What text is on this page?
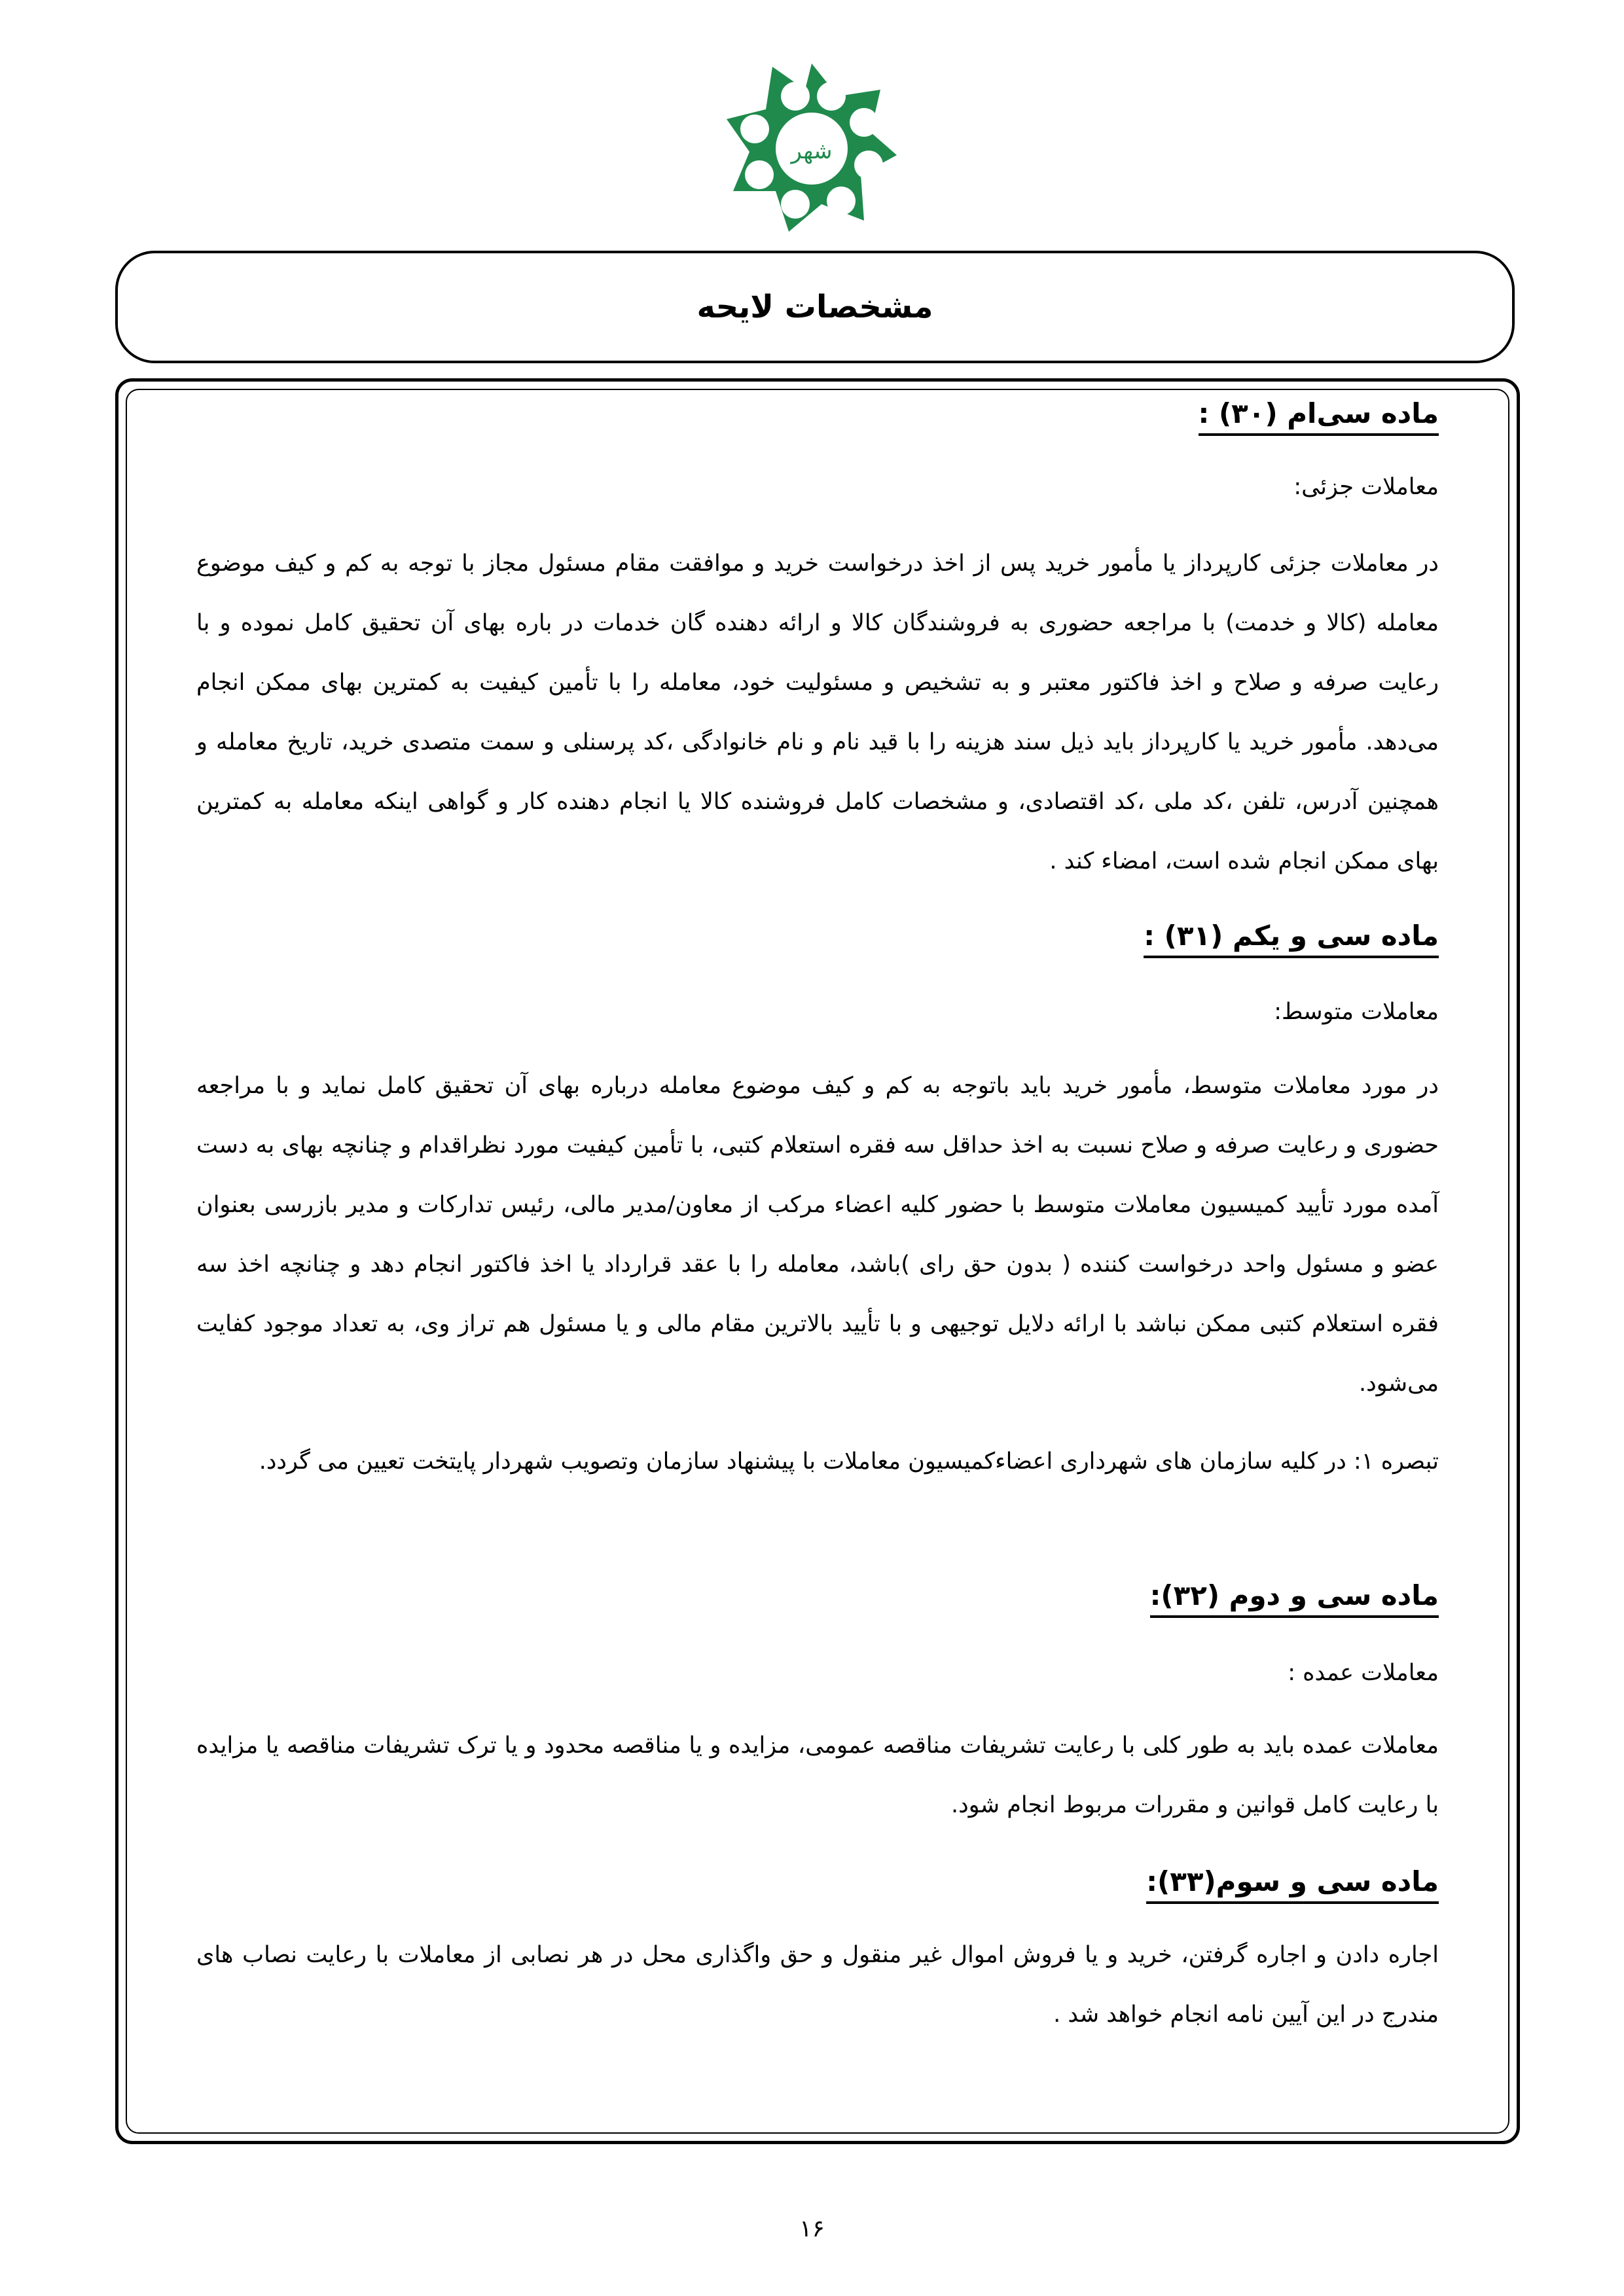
شهر
مشخصات لایحه
ماده سی‌ام (۳۰) :
معاملات جزئی:
در معاملات جزئی کارپرداز یا مأمور خرید پس از اخذ درخواست خرید و موافقت مقام مسئول مجاز با توجه به کم و کیف موضوع معامله (کالا و خدمت) با مراجعه حضوری به فروشندگان کالا و ارائه دهنده گان خدمات در باره بهای آن تحقیق کامل نموده و با رعایت صرفه و صلاح و اخذ فاکتور معتبر و به تشخیص و مسئولیت خود، معامله را با تأمین کیفیت به کمترین بهای ممکن انجام می‌دهد. مأمور خرید یا کارپرداز باید ذیل سند هزینه را با قید نام و نام خانوادگی ،کد پرسنلی و سمت متصدی خرید، تاریخ معامله و همچنین آدرس، تلفن ،کد ملی ،کد اقتصادی، و مشخصات کامل فروشنده کالا یا انجام دهنده کار و گواهی اینکه معامله به کمترین بهای ممکن انجام شده است، امضاء کند .
ماده سی و یکم (۳۱) :
معاملات متوسط:
در مورد معاملات متوسط، مأمور خرید باید باتوجه به کم و کیف موضوع معامله درباره بهای آن تحقیق کامل نماید و با مراجعه حضوری و رعایت صرفه و صلاح نسبت به اخذ حداقل سه فقره استعلام کتبی، با تأمین کیفیت مورد نظراقدام و چنانچه بهای به دست آمده مورد تأیید کمیسیون معاملات متوسط با حضور کلیه اعضاء مرکب از معاون/مدیر مالی، رئیس تدارکات و مدیر بازرسی بعنوان عضو و مسئول واحد درخواست کننده ( بدون حق رای )باشد، معامله را با عقد قرارداد یا اخذ فاکتور انجام دهد و چنانچه اخذ سه فقره استعلام کتبی ممکن نباشد با ارائه دلایل توجیهی و با تأیید بالاترین مقام مالی و یا مسئول هم تراز وی، به تعداد موجود کفایت می‌شود.
تبصره ۱: در کلیه سازمان های شهرداری اعضاءکمیسیون معاملات با پیشنهاد سازمان وتصویب شهردار پایتخت تعیین می گردد.
ماده سی و دوم (۳۲):
معاملات عمده :
معاملات عمده باید به طور کلی با رعایت تشریفات مناقصه عمومی، مزایده و یا مناقصه محدود و یا ترک تشریفات مناقصه یا مزایده با رعایت کامل قوانین و مقررات مربوط انجام شود.
ماده سی و سوم(۳۳):
اجاره دادن و اجاره گرفتن، خرید و یا فروش اموال غیر منقول و حق واگذاری محل در هر نصابی از معاملات با رعایت نصاب های مندرج در این آیین نامه انجام خواهد شد .
۱۶
